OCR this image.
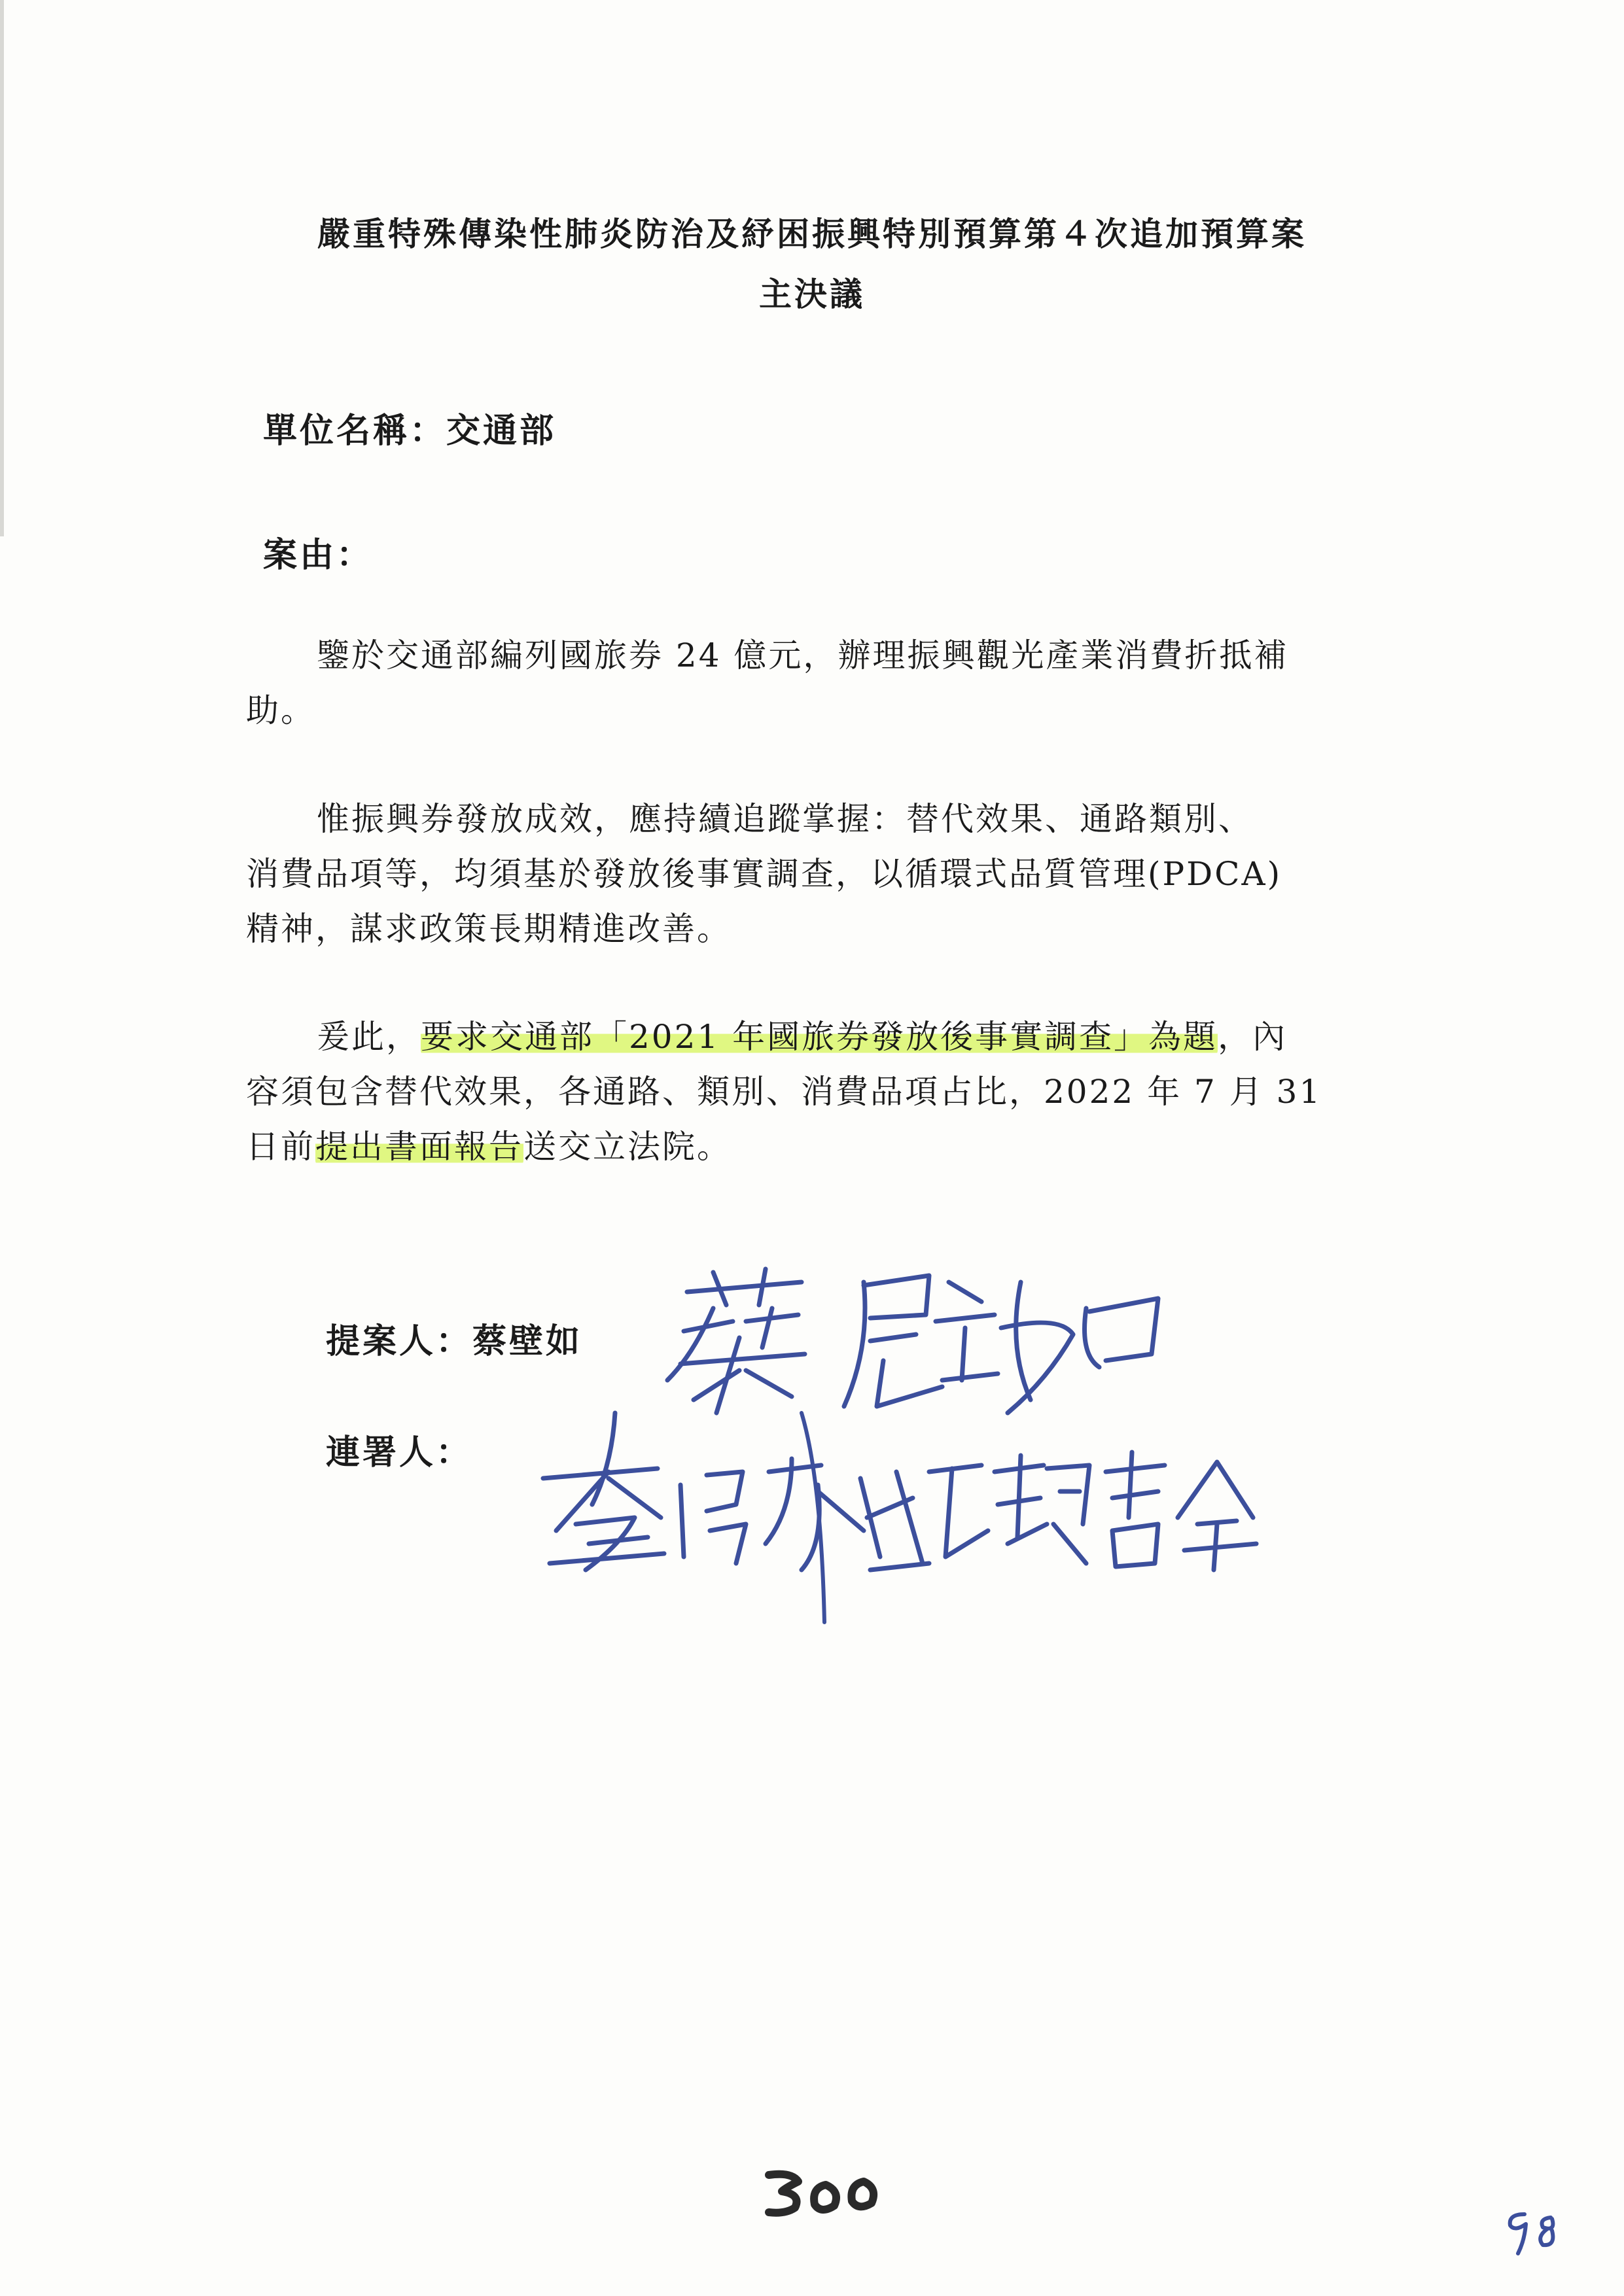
嚴重特殊傳染性肺炎防治及紓困振興特別預算第４次追加預算案
主決議
單位名稱：交通部
案由：
鑒於交通部編列國旅券 24 億元，辦理振興觀光產業消費折抵補
助。
惟振興券發放成效，應持續追蹤掌握：替代效果、通路類別、
消費品項等，均須基於發放後事實調查，以循環式品質管理(PDCA)
精神，謀求政策長期精進改善。
爰此，要求交通部「2021 年國旅券發放後事實調查」為題，內
容須包含替代效果，各通路、類別、消費品項占比，2022 年 7 月 31
日前提出書面報告送交立法院。
提案人：蔡壁如
連署人：
